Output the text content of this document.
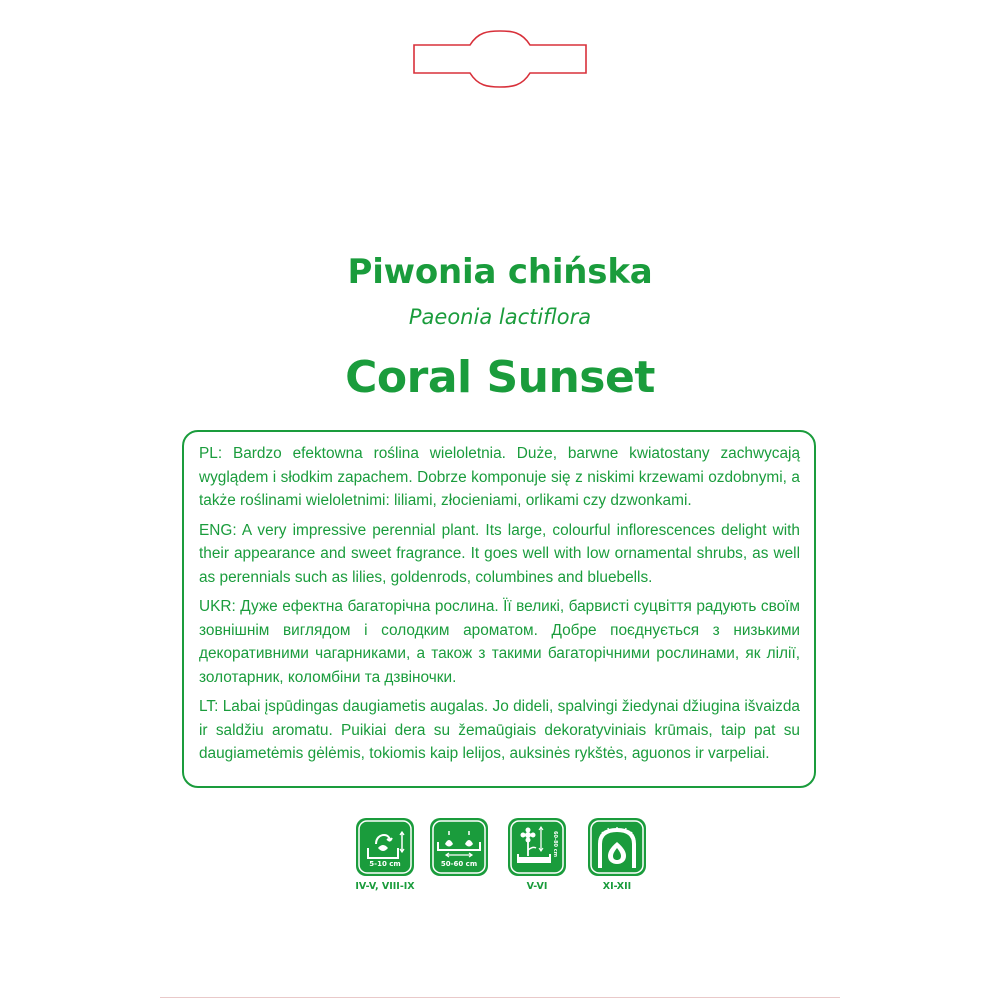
Piwonia chińska
Paeonia lactiflora
Coral Sunset

PL: Bardzo efektowna roślina wieloletnia. Duże, barwne kwiatostany zachwycają wyglądem i słodkim zapachem. Dobrze komponuje się z niskimi krzewami ozdobnymi, a także roślinami wieloletnimi: liliami, złocieniami, orlikami czy dzwonkami.

ENG: A very impressive perennial plant. Its large, colourful inflorescences delight with their appearance and sweet fragrance. It goes well with low ornamental shrubs, as well as perennials such as lilies, goldenrods, columbines and bluebells.

UKR: Дуже ефектна багаторічна рослина. Її великі, барвисті суцвіття радують своїм зовнішнім виглядом і солодким ароматом. Добре поєднується з низькими декоративними чагарниками, а також з такими багаторічними рослинами, як лілії, золотарник, коломбіни та дзвіночки.

LT: Labai įspūdingas daugiametis augalas. Jo dideli, spalvingi žiedynai džiugina išvaizda ir saldžiu aromatu. Puikiai dera su žemaūgiais dekoratyviniais krūmais, taip pat su daugiametėmis gėlėmis, tokiomis kaip lelijos, auksinės rykštės, aguonos ir varpeliai.

5-10 cm
IV-V, VIII-IX
50-60 cm
60-80 cm
V-VI	XI-XII
